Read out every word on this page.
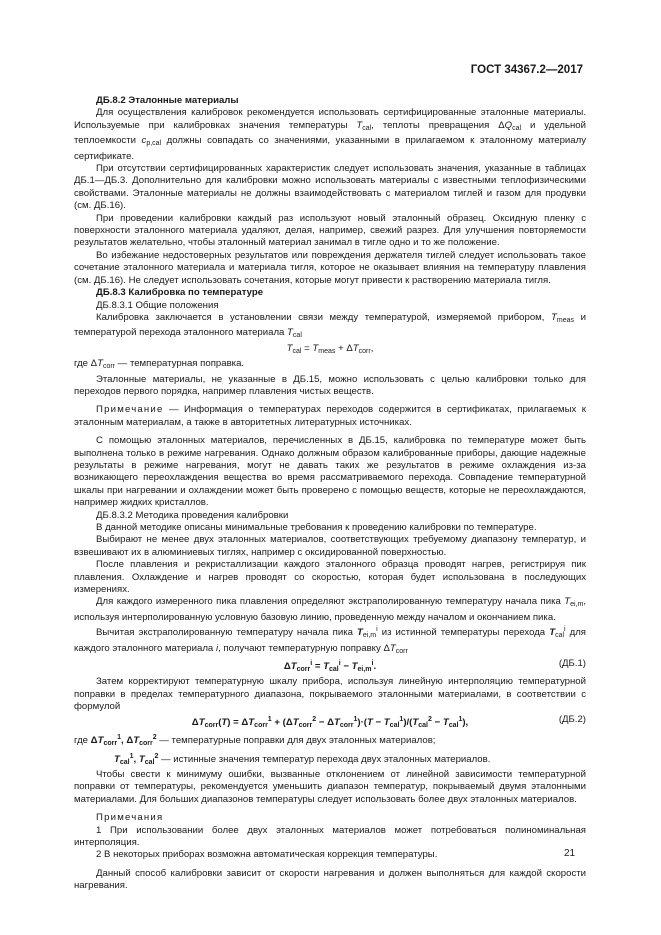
ГОСТ 34367.2—2017

ДБ.8.2 Эталонные материалы

Для осуществления калибровок рекомендуется использовать сертифицированные эталонные материалы. Используемые при калибровках значения температуры $T_{cal}$, теплоты превращения $\Delta Q_{cal}$ и удельной теплоемкости $c_{p,cal}$ должны совпадать со значениями, указанными в прилагаемом к эталонному материалу сертификате.

При отсутствии сертифицированных характеристик следует использовать значения, указанные в таблицах ДБ.1—ДБ.3. Дополнительно для калибровки можно использовать материалы с известными теплофизическими свойствами. Эталонные материалы не должны взаимодействовать с материалом тиглей и газом для продувки (см. ДБ.16).

При проведении калибровки каждый раз используют новый эталонный образец. Оксидную пленку с поверхности эталонного материала удаляют, делая, например, свежий разрез. Для улучшения повторяемости результатов желательно, чтобы эталонный материал занимал в тигле одно и то же положение.

Во избежание недостоверных результатов или повреждения держателя тиглей следует использовать такое сочетание эталонного материала и материала тигля, которое не оказывает влияния на температуру плавления (см. ДБ.16). Не следует использовать сочетания, которые могут привести к растворению материала тигля.

ДБ.8.3 Калибровка по температуре

ДБ.8.3.1 Общие положения

Калибровка заключается в установлении связи между температурой, измеряемой прибором, $T_{meas}$ и температурой перехода эталонного материала $T_{cal}$

$T_{cal} = T_{meas} + \Delta T_{corr}$,

где $\Delta T_{corr}$ — температурная поправка.

Эталонные материалы, не указанные в ДБ.15, можно использовать с целью калибровки только для переходов первого порядка, например плавления чистых веществ.

Примечание — Информация о температурах переходов содержится в сертификатах, прилагаемых к эталонным материалам, а также в авторитетных литературных источниках.

С помощью эталонных материалов, перечисленных в ДБ.15, калибровка по температуре может быть выполнена только в режиме нагревания. Однако должным образом калиброванные приборы, дающие надежные результаты в режиме нагревания, могут не давать таких же результатов в режиме охлаждения из-за возникающего переохлаждения вещества во время рассматриваемого перехода. Совпадение температурной шкалы при нагревании и охлаждении может быть проверено с помощью веществ, которые не переохлаждаются, например жидких кристаллов.

ДБ.8.3.2 Методика проведения калибровки

В данной методике описаны минимальные требования к проведению калибровки по температуре.

Выбирают не менее двух эталонных материалов, соответствующих требуемому диапазону температур, и взвешивают их в алюминиевых тиглях, например с оксидированной поверхностью.

После плавления и рекристаллизации каждого эталонного образца проводят нагрев, регистрируя пик плавления. Охлаждение и нагрев проводят со скоростью, которая будет использована в последующих измерениях.

Для каждого измеренного пика плавления определяют экстраполированную температуру начала пика $T_{ei,m}$, используя интерполированную условную базовую линию, проведенную между началом и окончанием пика.

Вычитая экстраполированную температуру начала пика $T_{ei,m}^i$ из истинной температуры перехода $T_{cal}^i$ для каждого эталонного материала i, получают температурную поправку $\Delta T_{corr}$

$\Delta T_{corr}^i = T_{cal}^i - T_{ei,m}^i$.	(ДБ.1)

Затем корректируют температурную шкалу прибора, используя линейную интерполяцию температурной поправки в пределах температурного диапазона, покрываемого эталонными материалами, в соответствии с формулой

$\Delta T_{corr}(T) = \Delta T_{corr}^1 + (\Delta T_{corr}^2 - \Delta T_{corr}^1)\cdot(T - T_{cal}^1)/(T_{cal}^2 - T_{cal}^1)$,	(ДБ.2)

где $\Delta T_{corr}^1$, $\Delta T_{corr}^2$ — температурные поправки для двух эталонных материалов;

$T_{cal}^1$, $T_{cal}^2$ — истинные значения температур перехода двух эталонных материалов.

Чтобы свести к минимуму ошибки, вызванные отклонением от линейной зависимости температурной поправки от температуры, рекомендуется уменьшить диапазон температур, покрываемый двумя эталонными материалами. Для больших диапазонов температуры следует использовать более двух эталонных материалов.

Примечания

1 При использовании более двух эталонных материалов может потребоваться полиноминальная интерполяция.

2 В некоторых приборах возможна автоматическая коррекция температуры.

Данный способ калибровки зависит от скорости нагревания и должен выполняться для каждой скорости нагревания.

21
